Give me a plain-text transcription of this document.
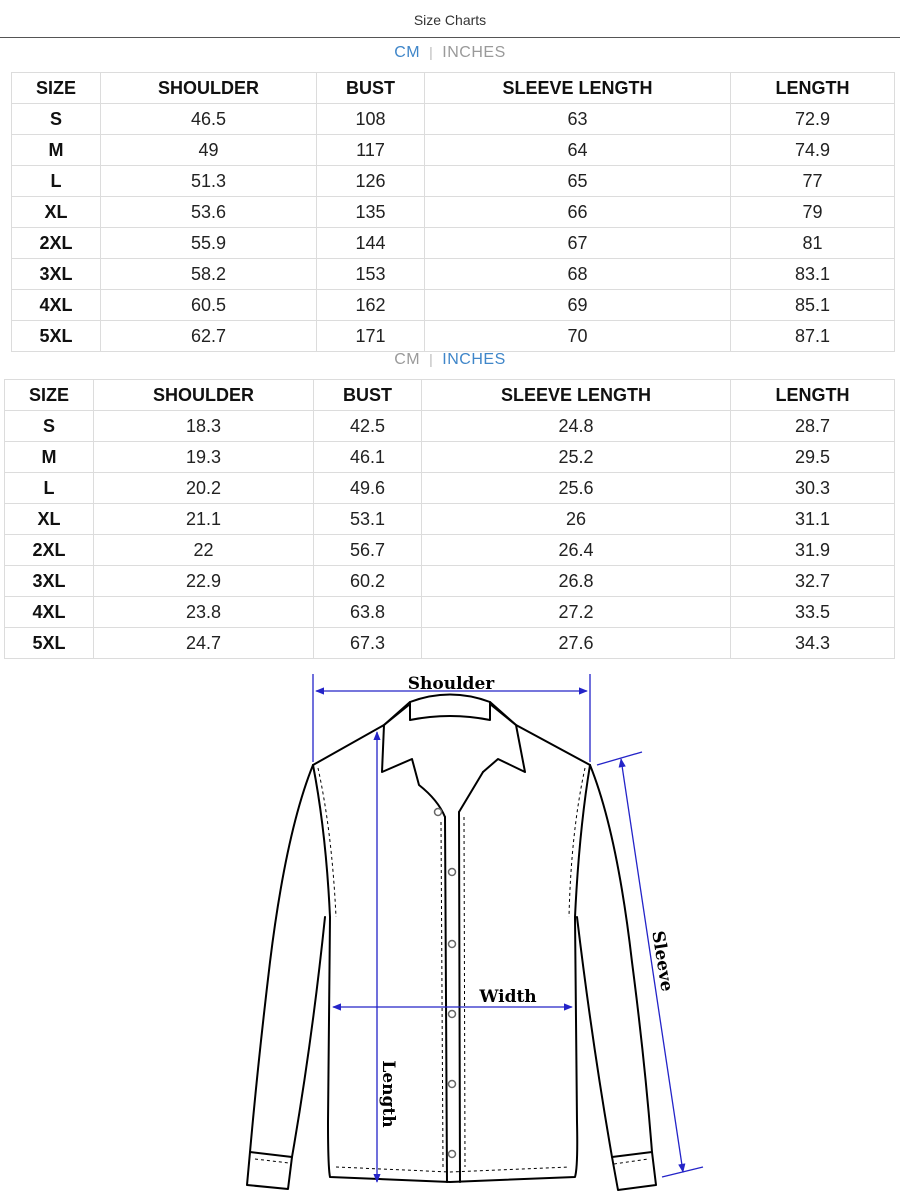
Size Charts
CM | INCHES
SIZE	SHOULDER	BUST	SLEEVE LENGTH	LENGTH
S	46.5	108	63	72.9
M	49	117	64	74.9
L	51.3	126	65	77
XL	53.6	135	66	79
2XL	55.9	144	67	81
3XL	58.2	153	68	83.1
4XL	60.5	162	69	85.1
5XL	62.7	171	70	87.1
CM | INCHES
SIZE	SHOULDER	BUST	SLEEVE LENGTH	LENGTH
S	18.3	42.5	24.8	28.7
M	19.3	46.1	25.2	29.5
L	20.2	49.6	25.6	30.3
XL	21.1	53.1	26	31.1
2XL	22	56.7	26.4	31.9
3XL	22.9	60.2	26.8	32.7
4XL	23.8	63.8	27.2	33.5
5XL	24.7	67.3	27.6	34.3
Shoulder
Width
Length
Sleeve
